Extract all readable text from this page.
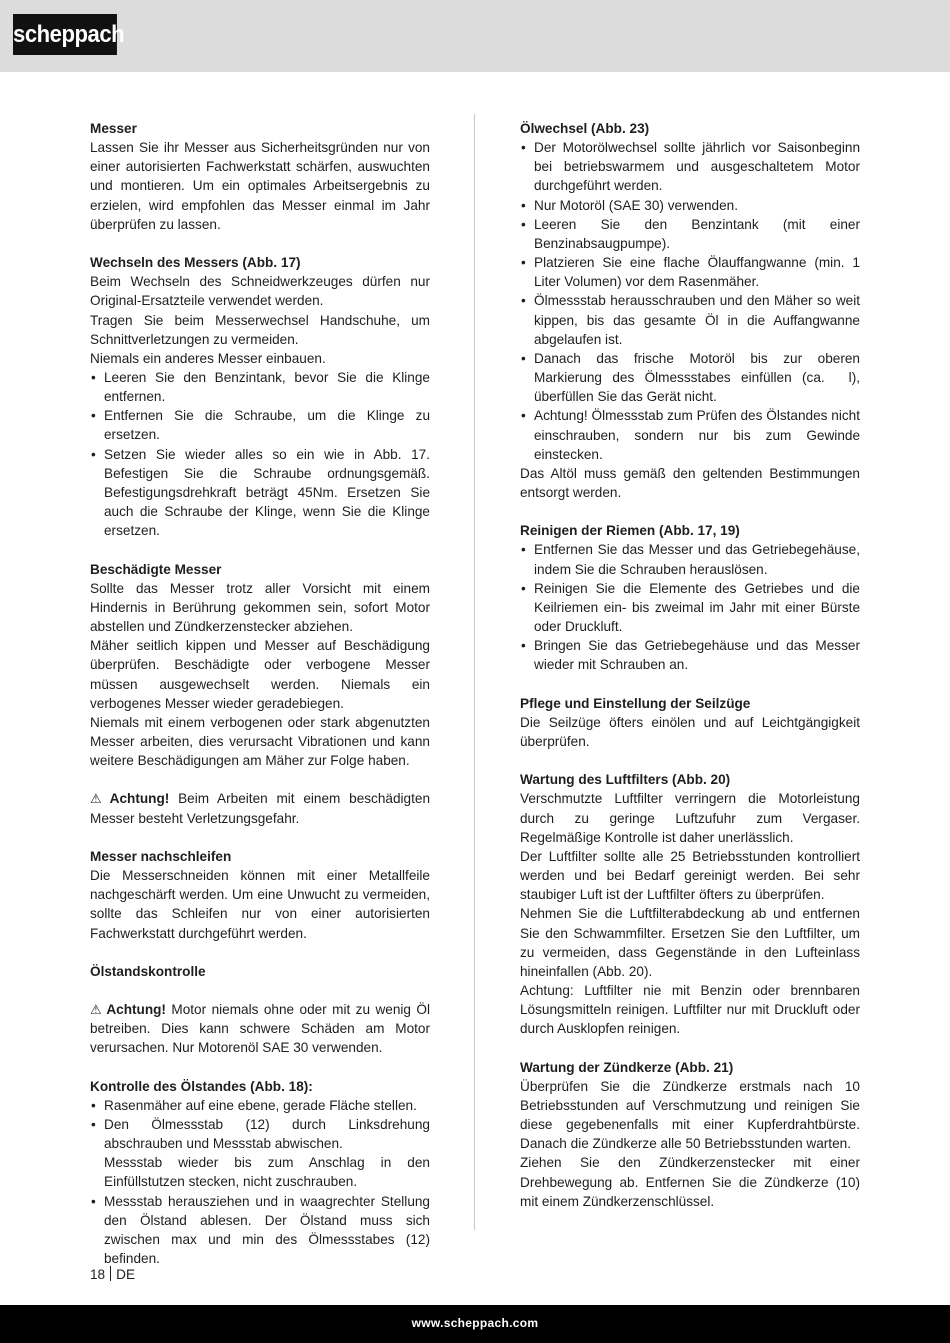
scheppach
Messer
Lassen Sie ihr Messer aus Sicherheitsgründen nur von einer autorisierten Fachwerkstatt schärfen, auswuchten und montieren. Um ein optimales Arbeitsergebnis zu erzielen, wird empfohlen das Messer einmal im Jahr überprüfen zu lassen.
Wechseln des Messers (Abb. 17)
Beim Wechseln des Schneidwerkzeuges dürfen nur Original-Ersatzteile verwendet werden.
Tragen Sie beim Messerwechsel Handschuhe, um Schnittverletzungen zu vermeiden.
Niemals ein anderes Messer einbauen.
• Leeren Sie den Benzintank, bevor Sie die Klinge entfernen.
• Entfernen Sie die Schraube, um die Klinge zu ersetzen.
• Setzen Sie wieder alles so ein wie in Abb. 17. Befestigen Sie die Schraube ordnungsgemäß. Befestigungsdrehkraft beträgt 45Nm. Ersetzen Sie auch die Schraube der Klinge, wenn Sie die Klinge ersetzen.
Beschädigte Messer
Sollte das Messer trotz aller Vorsicht mit einem Hindernis in Berührung gekommen sein, sofort Motor abstellen und Zündkerzenstecker abziehen.
Mäher seitlich kippen und Messer auf Beschädigung überprüfen. Beschädigte oder verbogene Messer müssen ausgewechselt werden. Niemals ein verbogenes Messer wieder geradebiegen.
Niemals mit einem verbogenen oder stark abgenutzten Messer arbeiten, dies verursacht Vibrationen und kann weitere Beschädigungen am Mäher zur Folge haben.
⚠ Achtung! Beim Arbeiten mit einem beschädigten Messer besteht Verletzungsgefahr.
Messer nachschleifen
Die Messerschneiden können mit einer Metallfeile nachgeschärft werden. Um eine Unwucht zu vermeiden, sollte das Schleifen nur von einer autorisierten Fachwerkstatt durchgeführt werden.
Ölstandskontrolle
⚠ Achtung! Motor niemals ohne oder mit zu wenig Öl betreiben. Dies kann schwere Schäden am Motor verursachen. Nur Motorenöl SAE 30 verwenden.
Kontrolle des Ölstandes (Abb. 18):
• Rasenmäher auf eine ebene, gerade Fläche stellen.
• Den Ölmessstab (12) durch Linksdrehung abschrauben und Messstab abwischen.
Messstab wieder bis zum Anschlag in den Einfüllstutzen stecken, nicht zuschrauben.
• Messstab herausziehen und in waagrechter Stellung den Ölstand ablesen. Der Ölstand muss sich zwischen max und min des Ölmessstabes (12) befinden.
Ölwechsel (Abb. 23)
• Der Motorölwechsel sollte jährlich vor Saisonbeginn bei betriebswarmem und ausgeschaltetem Motor durchgeführt werden.
• Nur Motoröl (SAE 30) verwenden.
• Leeren Sie den Benzintank (mit einer Benzinabsaugpumpe).
• Platzieren Sie eine flache Ölauffangwanne (min. 1 Liter Volumen) vor dem Rasenmäher.
• Ölmessstab herausschrauben und den Mäher so weit kippen, bis das gesamte Öl in die Auffangwanne abgelaufen ist.
• Danach das frische Motoröl bis zur oberen Markierung des Ölmessstabes einfüllen (ca. l), überfüllen Sie das Gerät nicht.
• Achtung! Ölmessstab zum Prüfen des Ölstandes nicht einschrauben, sondern nur bis zum Gewinde einstecken.
Das Altöl muss gemäß den geltenden Bestimmungen entsorgt werden.
Reinigen der Riemen (Abb. 17, 19)
• Entfernen Sie das Messer und das Getriebegehäuse, indem Sie die Schrauben herauslösen.
• Reinigen Sie die Elemente des Getriebes und die Keilriemen ein- bis zweimal im Jahr mit einer Bürste oder Druckluft.
• Bringen Sie das Getriebegehäuse und das Messer wieder mit Schrauben an.
Pflege und Einstellung der Seilzüge
Die Seilzüge öfters einölen und auf Leichtgängigkeit überprüfen.
Wartung des Luftfilters (Abb. 20)
Verschmutzte Luftfilter verringern die Motorleistung durch zu geringe Luftzufuhr zum Vergaser. Regelmäßige Kontrolle ist daher unerlässlich.
Der Luftfilter sollte alle 25 Betriebsstunden kontrolliert werden und bei Bedarf gereinigt werden. Bei sehr staubiger Luft ist der Luftfilter öfters zu überprüfen.
Nehmen Sie die Luftfilterabdeckung ab und entfernen Sie den Schwammfilter. Ersetzen Sie den Luftfilter, um zu vermeiden, dass Gegenstände in den Lufteinlass hineinfallen (Abb. 20).
Achtung: Luftfilter nie mit Benzin oder brennbaren Lösungsmitteln reinigen. Luftfilter nur mit Druckluft oder durch Ausklopfen reinigen.
Wartung der Zündkerze (Abb. 21)
Überprüfen Sie die Zündkerze erstmals nach 10 Betriebsstunden auf Verschmutzung und reinigen Sie diese gegebenenfalls mit einer Kupferdrahtbürste. Danach die Zündkerze alle 50 Betriebsstunden warten.
Ziehen Sie den Zündkerzenstecker mit einer Drehbewegung ab. Entfernen Sie die Zündkerze (10) mit einem Zündkerzenschlüssel.
18 DE
www.scheppach.com
